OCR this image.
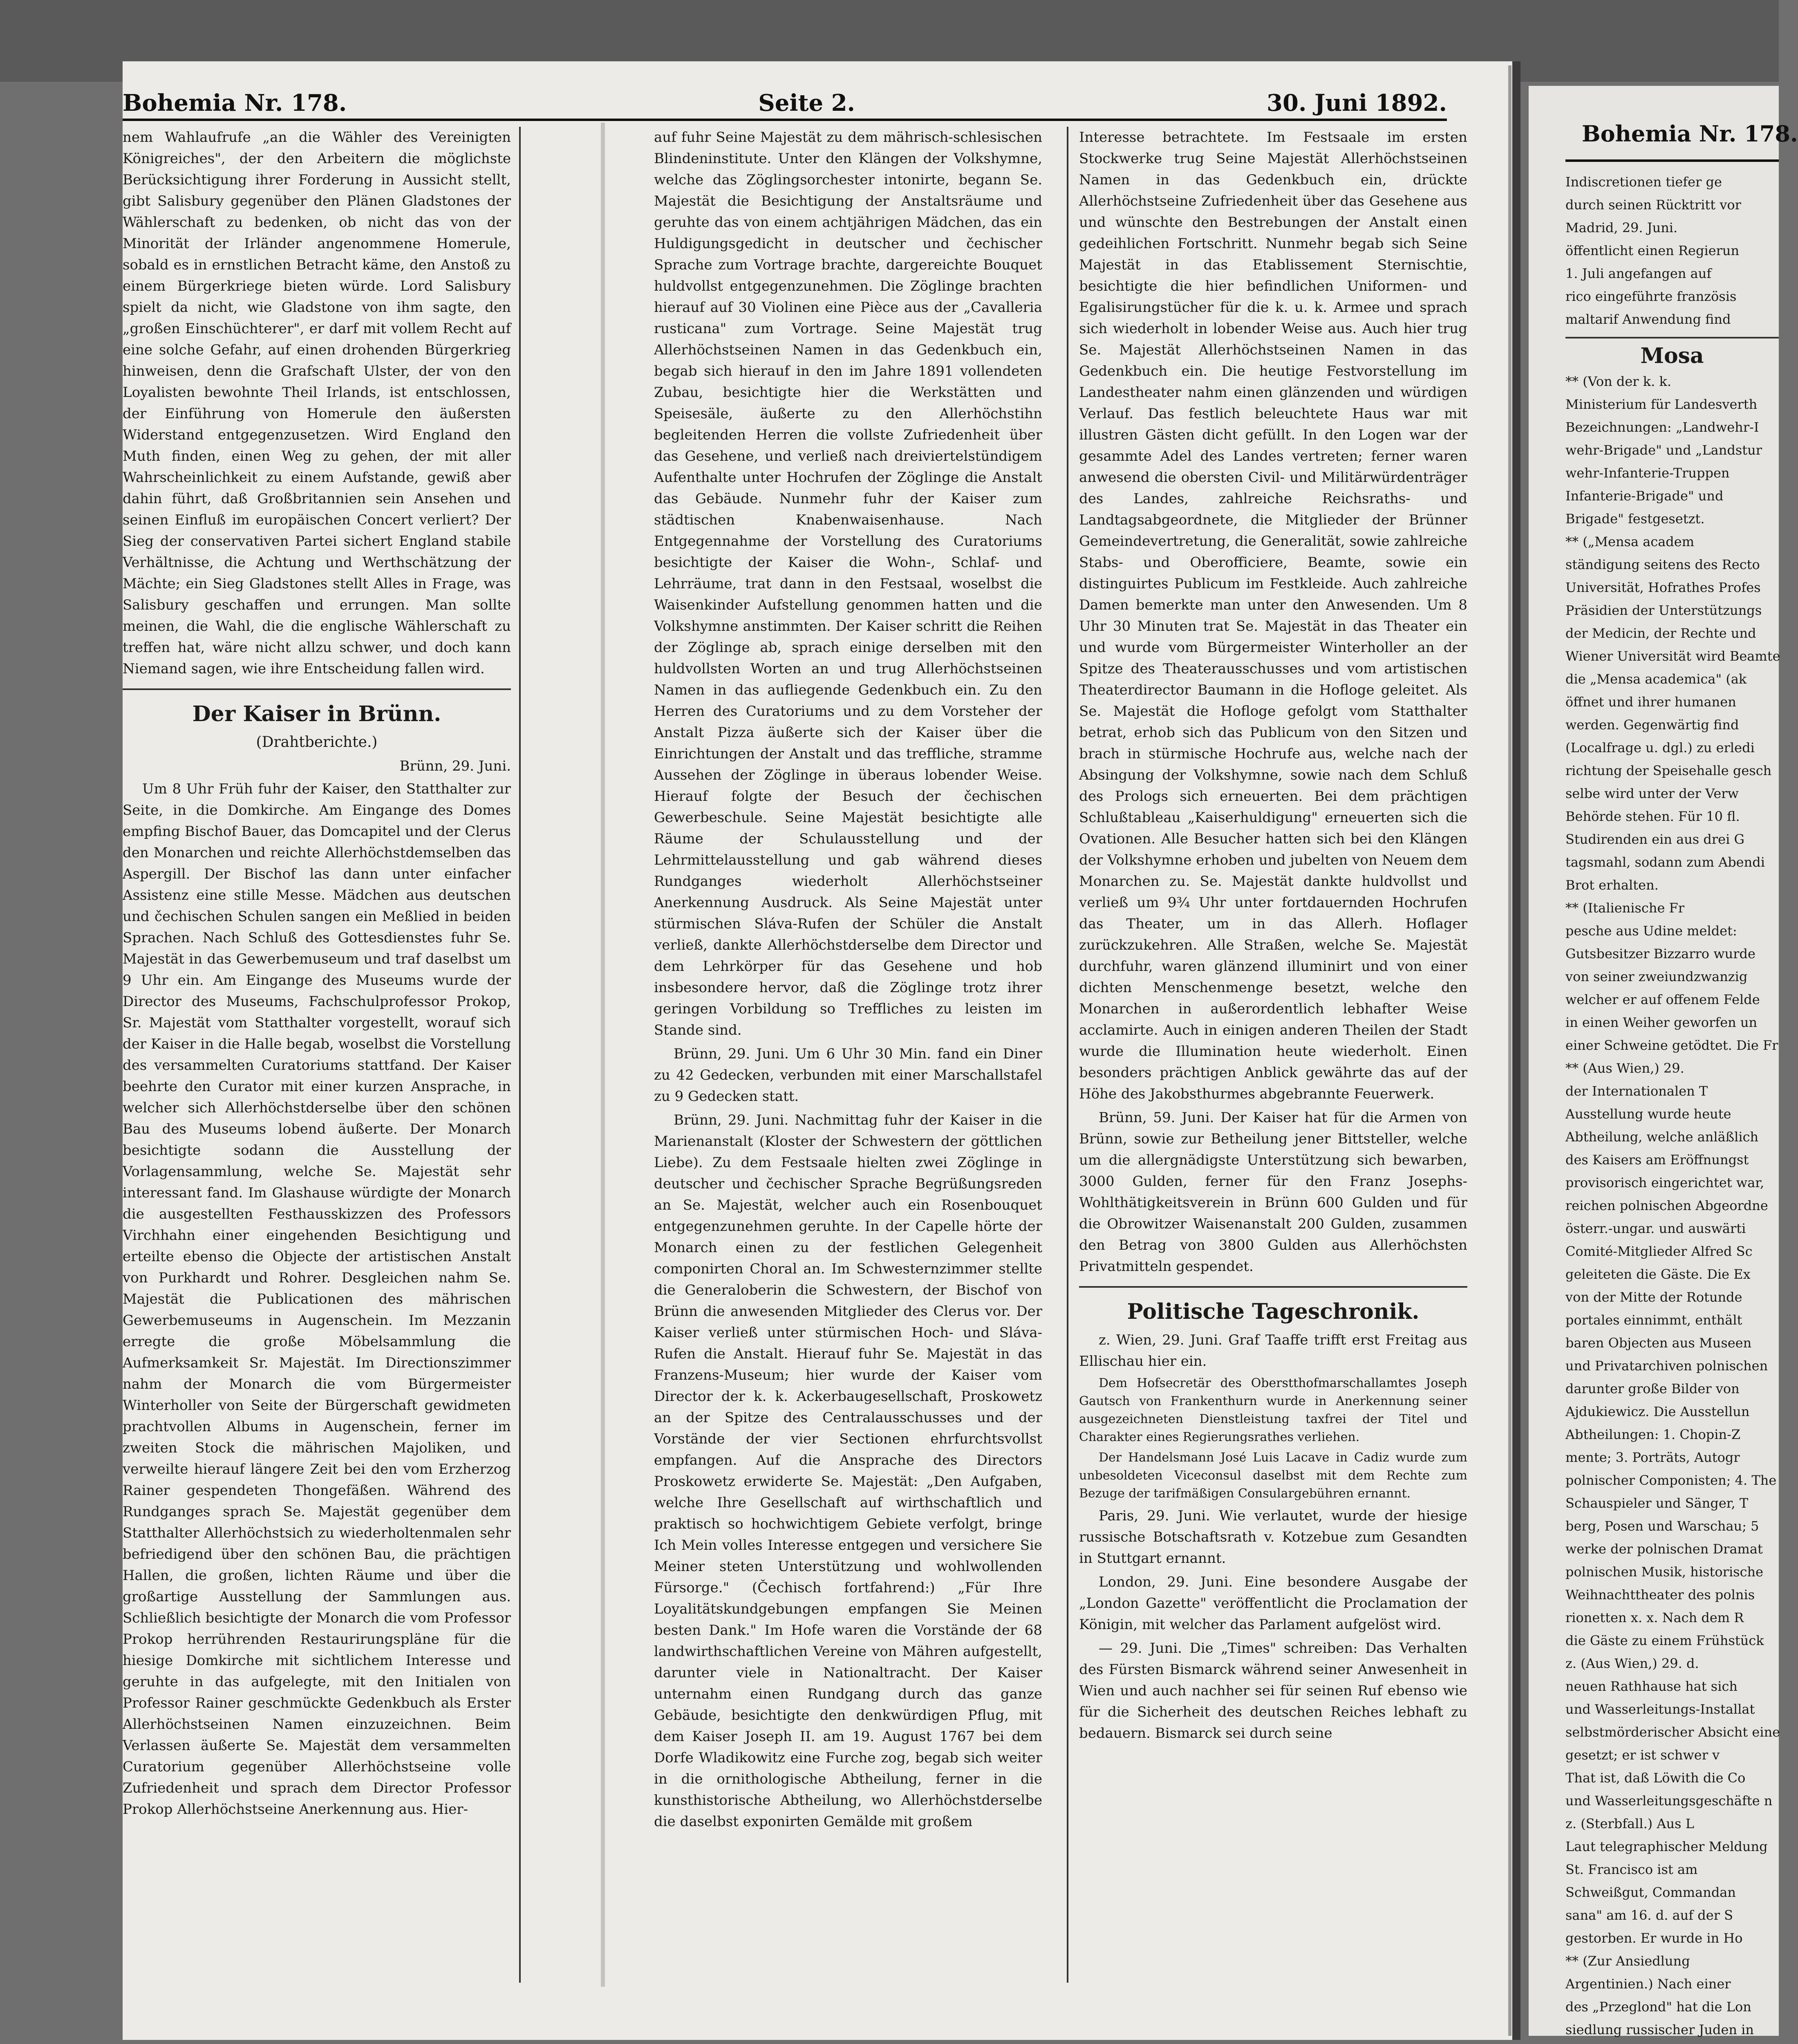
Bohemia Nr. 178.	Seite 2.	30. Juni 1892.

nem Wahlaufrufe „an die Wähler des Vereinigten Königreiches", der den Arbeitern die möglichste Berücksichtigung ihrer Forderung in Aussicht stellt, gibt Salisbury gegenüber den Plänen Gladstones der Wählerschaft zu bedenken, ob nicht das von der Minorität der Irländer angenommene Homerule, sobald es in ernstlichen Betracht käme, den Anstoß zu einem Bürgerkriege bieten würde. Lord Salisbury spielt da nicht, wie Gladstone von ihm sagte, den „großen Einschüchterer", er darf mit vollem Recht auf eine solche Gefahr, auf einen drohenden Bürgerkrieg hinweisen, denn die Grafschaft Ulster, der von den Loyalisten bewohnte Theil Irlands, ist entschlossen, der Einführung von Homerule den äußersten Widerstand entgegenzusetzen. Wird England den Muth finden, einen Weg zu gehen, der mit aller Wahrscheinlichkeit zu einem Aufstande, gewiß aber dahin führt, daß Großbritannien sein Ansehen und seinen Einfluß im europäischen Concert verliert? Der Sieg der conservativen Partei sichert England stabile Verhältnisse, die Achtung und Werthschätzung der Mächte; ein Sieg Gladstones stellt Alles in Frage, was Salisbury geschaffen und errungen. Man sollte meinen, die Wahl, die die englische Wählerschaft zu treffen hat, wäre nicht allzu schwer, und doch kann Niemand sagen, wie ihre Entscheidung fallen wird.

Der Kaiser in Brünn.
(Drahtberichte.)
Brünn, 29. Juni.

Um 8 Uhr Früh fuhr der Kaiser, den Statthalter zur Seite, in die Domkirche. Am Eingange des Domes empfing Bischof Bauer, das Domcapitel und der Clerus den Monarchen und reichte Allerhöchstdemselben das Aspergill. Der Bischof las dann unter einfacher Assistenz eine stille Messe. Mädchen aus deutschen und čechischen Schulen sangen ein Meßlied in beiden Sprachen. Nach Schluß des Gottesdienstes fuhr Se. Majestät in das Gewerbemuseum und traf daselbst um 9 Uhr ein. Am Eingange des Museums wurde der Director des Museums, Fachschulprofessor Prokop, Sr. Majestät vom Statthalter vorgestellt, worauf sich der Kaiser in die Halle begab, woselbst die Vorstellung des versammelten Curatoriums stattfand. Der Kaiser beehrte den Curator mit einer kurzen Ansprache, in welcher sich Allerhöchstderselbe über den schönen Bau des Museums lobend äußerte. Der Monarch besichtigte sodann die Ausstellung der Vorlagensammlung, welche Se. Majestät sehr interessant fand. Im Glashause würdigte der Monarch die ausgestellten Festhausskizzen des Professors Virchhahn einer eingehenden Besichtigung und erteilte ebenso die Objecte der artistischen Anstalt von Purkhardt und Rohrer. Desgleichen nahm Se. Majestät die Publicationen des mährischen Gewerbemuseums in Augenschein. Im Mezzanin erregte die große Möbelsammlung die Aufmerksamkeit Sr. Majestät. Im Directionszimmer nahm der Monarch die vom Bürgermeister Winterholler von Seite der Bürgerschaft gewidmeten prachtvollen Albums in Augenschein, ferner im zweiten Stock die mährischen Majoliken, und verweilte hierauf längere Zeit bei den vom Erzherzog Rainer gespendeten Thongefäßen. Während des Rundganges sprach Se. Majestät gegenüber dem Statthalter Allerhöchstsich zu wiederholtenmalen sehr befriedigend über den schönen Bau, die prächtigen Hallen, die großen, lichten Räume und über die großartige Ausstellung der Sammlungen aus. Schließlich besichtigte der Monarch die vom Professor Prokop herrührenden Restaurirungspläne für die hiesige Domkirche mit sichtlichem Interesse und geruhte in das aufgelegte, mit den Initialen von Professor Rainer geschmückte Gedenkbuch als Erster Allerhöchstseinen Namen einzuzeichnen. Beim Verlassen äußerte Se. Majestät dem versammelten Curatorium gegenüber Allerhöchstseine volle Zufriedenheit und sprach dem Director Professor Prokop Allerhöchstseine Anerkennung aus. Hier-

auf fuhr Seine Majestät zu dem mährisch-schlesischen Blindeninstitute. Unter den Klängen der Volkshymne, welche das Zöglingsorchester intonirte, begann Se. Majestät die Besichtigung der Anstaltsräume und geruhte das von einem achtjährigen Mädchen, das ein Huldigungsgedicht in deutscher und čechischer Sprache zum Vortrage brachte, dargereichte Bouquet huldvollst entgegenzunehmen. Die Zöglinge brachten hierauf auf 30 Violinen eine Pièce aus der „Cavalleria rusticana" zum Vortrage. Seine Majestät trug Allerhöchstseinen Namen in das Gedenkbuch ein, begab sich hierauf in den im Jahre 1891 vollendeten Zubau, besichtigte hier die Werkstätten und Speisesäle, äußerte zu den Allerhöchstihn begleitenden Herren die vollste Zufriedenheit über das Gesehene, und verließ nach dreiviertelstündigem Aufenthalte unter Hochrufen der Zöglinge die Anstalt das Gebäude. Nunmehr fuhr der Kaiser zum städtischen Knabenwaisenhause. Nach Entgegennahme der Vorstellung des Curatoriums besichtigte der Kaiser die Wohn-, Schlaf- und Lehrräume, trat dann in den Festsaal, woselbst die Waisenkinder Aufstellung genommen hatten und die Volkshymne anstimmten. Der Kaiser schritt die Reihen der Zöglinge ab, sprach einige derselben mit den huldvollsten Worten an und trug Allerhöchstseinen Namen in das aufliegende Gedenkbuch ein. Zu den Herren des Curatoriums und zu dem Vorsteher der Anstalt Pizza äußerte sich der Kaiser über die Einrichtungen der Anstalt und das treffliche, stramme Aussehen der Zöglinge in überaus lobender Weise. Hierauf folgte der Besuch der čechischen Gewerbeschule. Seine Majestät besichtigte alle Räume der Schulausstellung und der Lehrmittelausstellung und gab während dieses Rundganges wiederholt Allerhöchstseiner Anerkennung Ausdruck. Als Seine Majestät unter stürmischen Sláva-Rufen der Schüler die Anstalt verließ, dankte Allerhöchstderselbe dem Director und dem Lehrkörper für das Gesehene und hob insbesondere hervor, daß die Zöglinge trotz ihrer geringen Vorbildung so Treffliches zu leisten im Stande sind.

Brünn, 29. Juni. Um 6 Uhr 30 Min. fand ein Diner zu 42 Gedecken, verbunden mit einer Marschallstafel zu 9 Gedecken statt.

Brünn, 29. Juni. Nachmittag fuhr der Kaiser in die Marienanstalt (Kloster der Schwestern der göttlichen Liebe). Zu dem Festsaale hielten zwei Zöglinge in deutscher und čechischer Sprache Begrüßungsreden an Se. Majestät, welcher auch ein Rosenbouquet entgegenzunehmen geruhte. In der Capelle hörte der Monarch einen zu der festlichen Gelegenheit componirten Choral an. Im Schwesternzimmer stellte die Generaloberin die Schwestern, der Bischof von Brünn die anwesenden Mitglieder des Clerus vor. Der Kaiser verließ unter stürmischen Hoch- und Sláva-Rufen die Anstalt. Hierauf fuhr Se. Majestät in das Franzens-Museum; hier wurde der Kaiser vom Director der k. k. Ackerbaugesellschaft, Proskowetz an der Spitze des Centralausschusses und der Vorstände der vier Sectionen ehrfurchtsvollst empfangen. Auf die Ansprache des Directors Proskowetz erwiderte Se. Majestät: „Den Aufgaben, welche Ihre Gesellschaft auf wirthschaftlich und praktisch so hochwichtigem Gebiete verfolgt, bringe Ich Mein volles Interesse entgegen und versichere Sie Meiner steten Unterstützung und wohlwollenden Fürsorge." (Čechisch fortfahrend:) „Für Ihre Loyalitätskundgebungen empfangen Sie Meinen besten Dank." Im Hofe waren die Vorstände der 68 landwirthschaftlichen Vereine von Mähren aufgestellt, darunter viele in Nationaltracht. Der Kaiser unternahm einen Rundgang durch das ganze Gebäude, besichtigte den denkwürdigen Pflug, mit dem Kaiser Joseph II. am 19. August 1767 bei dem Dorfe Wladikowitz eine Furche zog, begab sich weiter in die ornithologische Abtheilung, ferner in die kunsthistorische Abtheilung, wo Allerhöchstderselbe die daselbst exponirten Gemälde mit großem

Interesse betrachtete. Im Festsaale im ersten Stockwerke trug Seine Majestät Allerhöchstseinen Namen in das Gedenkbuch ein, drückte Allerhöchstseine Zufriedenheit über das Gesehene aus und wünschte den Bestrebungen der Anstalt einen gedeihlichen Fortschritt. Nunmehr begab sich Seine Majestät in das Etablissement Sternischtie, besichtigte die hier befindlichen Uniformen- und Egalisirungstücher für die k. u. k. Armee und sprach sich wiederholt in lobender Weise aus. Auch hier trug Se. Majestät Allerhöchstseinen Namen in das Gedenkbuch ein. Die heutige Festvorstellung im Landestheater nahm einen glänzenden und würdigen Verlauf. Das festlich beleuchtete Haus war mit illustren Gästen dicht gefüllt. In den Logen war der gesammte Adel des Landes vertreten; ferner waren anwesend die obersten Civil- und Militärwürdenträger des Landes, zahlreiche Reichsraths- und Landtagsabgeordnete, die Mitglieder der Brünner Gemeindevertretung, die Generalität, sowie zahlreiche Stabs- und Oberofficiere, Beamte, sowie ein distinguirtes Publicum im Festkleide. Auch zahlreiche Damen bemerkte man unter den Anwesenden. Um 8 Uhr 30 Minuten trat Se. Majestät in das Theater ein und wurde vom Bürgermeister Winterholler an der Spitze des Theaterausschusses und vom artistischen Theaterdirector Baumann in die Hofloge geleitet. Als Se. Majestät die Hofloge gefolgt vom Statthalter betrat, erhob sich das Publicum von den Sitzen und brach in stürmische Hochrufe aus, welche nach der Absingung der Volkshymne, sowie nach dem Schluß des Prologs sich erneuerten. Bei dem prächtigen Schlußtableau „Kaiserhuldigung" erneuerten sich die Ovationen. Alle Besucher hatten sich bei den Klängen der Volkshymne erhoben und jubelten von Neuem dem Monarchen zu. Se. Majestät dankte huldvollst und verließ um 9¾ Uhr unter fortdauernden Hochrufen das Theater, um in das Allerh. Hoflager zurückzukehren. Alle Straßen, welche Se. Majestät durchfuhr, waren glänzend illuminirt und von einer dichten Menschenmenge besetzt, welche den Monarchen in außerordentlich lebhafter Weise acclamirte. Auch in einigen anderen Theilen der Stadt wurde die Illumination heute wiederholt. Einen besonders prächtigen Anblick gewährte das auf der Höhe des Jakobsthurmes abgebrannte Feuerwerk.

Brünn, 59. Juni. Der Kaiser hat für die Armen von Brünn, sowie zur Betheilung jener Bittsteller, welche um die allergnädigste Unterstützung sich bewarben, 3000 Gulden, ferner für den Franz Josephs-Wohlthätigkeitsverein in Brünn 600 Gulden und für die Obrowitzer Waisenanstalt 200 Gulden, zusammen den Betrag von 3800 Gulden aus Allerhöchsten Privatmitteln gespendet.

Politische Tageschronik.

z. Wien, 29. Juni. Graf Taaffe trifft erst Freitag aus Ellischau hier ein.

Dem Hofsecretär des Oberstthofmarschallamtes Joseph Gautsch von Frankenthurn wurde in Anerkennung seiner ausgezeichneten Dienstleistung taxfrei der Titel und Charakter eines Regierungsrathes verliehen.

Der Handelsmann José Luis Lacave in Cadiz wurde zum unbesoldeten Viceconsul daselbst mit dem Rechte zum Bezuge der tarifmäßigen Consulargebühren ernannt.

Paris, 29. Juni. Wie verlautet, wurde der hiesige russische Botschaftsrath v. Kotzebue zum Gesandten in Stuttgart ernannt.

London, 29. Juni. Eine besondere Ausgabe der „London Gazette" veröffentlicht die Proclamation der Königin, mit welcher das Parlament aufgelöst wird.

— 29. Juni. Die „Times" schreiben: Das Verhalten des Fürsten Bismarck während seiner Anwesenheit in Wien und auch nachher sei für seinen Ruf ebenso wie für die Sicherheit des deutschen Reiches lebhaft zu bedauern. Bismarck sei durch seine

Bohemia Nr. 178.

Indiscretionen tiefer ge

durch seinen Rücktritt vor

Madrid, 29. Juni.

öffentlicht einen Regierun

1. Juli angefangen auf

rico eingeführte französis

maltarif Anwendung find

Mosa

** (Von der k. k.

Ministerium für Landesverth

Bezeichnungen: „Landwehr-I

wehr-Brigade" und „Landstur

wehr-Infanterie-Truppen

Infanterie-Brigade" und

Brigade" festgesetzt.

** („Mensa academ

ständigung seitens des Recto

Universität, Hofrathes Profes

Präsidien der Unterstützungs

der Medicin, der Rechte und

Wiener Universität wird Beamte

die „Mensa academica" (ak

öffnet und ihrer humanen

werden. Gegenwärtig find

(Localfrage u. dgl.) zu erledi

richtung der Speisehalle gesch

selbe wird unter der Verw

Behörde stehen. Für 10 fl.

Studirenden ein aus drei G

tagsmahl, sodann zum Abendi

Brot erhalten.

** (Italienische Fr

pesche aus Udine meldet:

Gutsbesitzer Bizzarro wurde

von seiner zweiundzwanzig

welcher er auf offenem Felde

in einen Weiher geworfen un

einer Schweine getödtet. Die Fr

** (Aus Wien,) 29.

der Internationalen T

Ausstellung wurde heute

Abtheilung, welche anläßlich

des Kaisers am Eröffnungst

provisorisch eingerichtet war,

reichen polnischen Abgeordne

österr.-ungar. und auswärti

Comité-Mitglieder Alfred Sc

geleiteten die Gäste. Die Ex

von der Mitte der Rotunde

portales einnimmt, enthält

baren Objecten aus Museen

und Privatarchiven polnischen

darunter große Bilder von

Ajdukiewicz. Die Ausstellun

Abtheilungen: 1. Chopin-Z

mente; 3. Porträts, Autogr

polnischer Componisten; 4. The

Schauspieler und Sänger, T

berg, Posen und Warschau; 5

werke der polnischen Dramat

polnischen Musik, historische

Weihnachttheater des polnis

rionetten x. x. Nach dem R

die Gäste zu einem Frühstück

z. (Aus Wien,) 29. d.

neuen Rathhause hat sich

und Wasserleitungs-Installat

selbstmörderischer Absicht eine

gesetzt; er ist schwer v

That ist, daß Löwith die Co

und Wasserleitungsgeschäfte n

z. (Sterbfall.) Aus L

Laut telegraphischer Meldung

St. Francisco ist am

Schweißgut, Commandan

sana" am 16. d. auf der S

gestorben. Er wurde in Ho

** (Zur Ansiedlung

Argentinien.) Nach einer

des „Przeglond" hat die Lon

siedlung russischer Juden in
